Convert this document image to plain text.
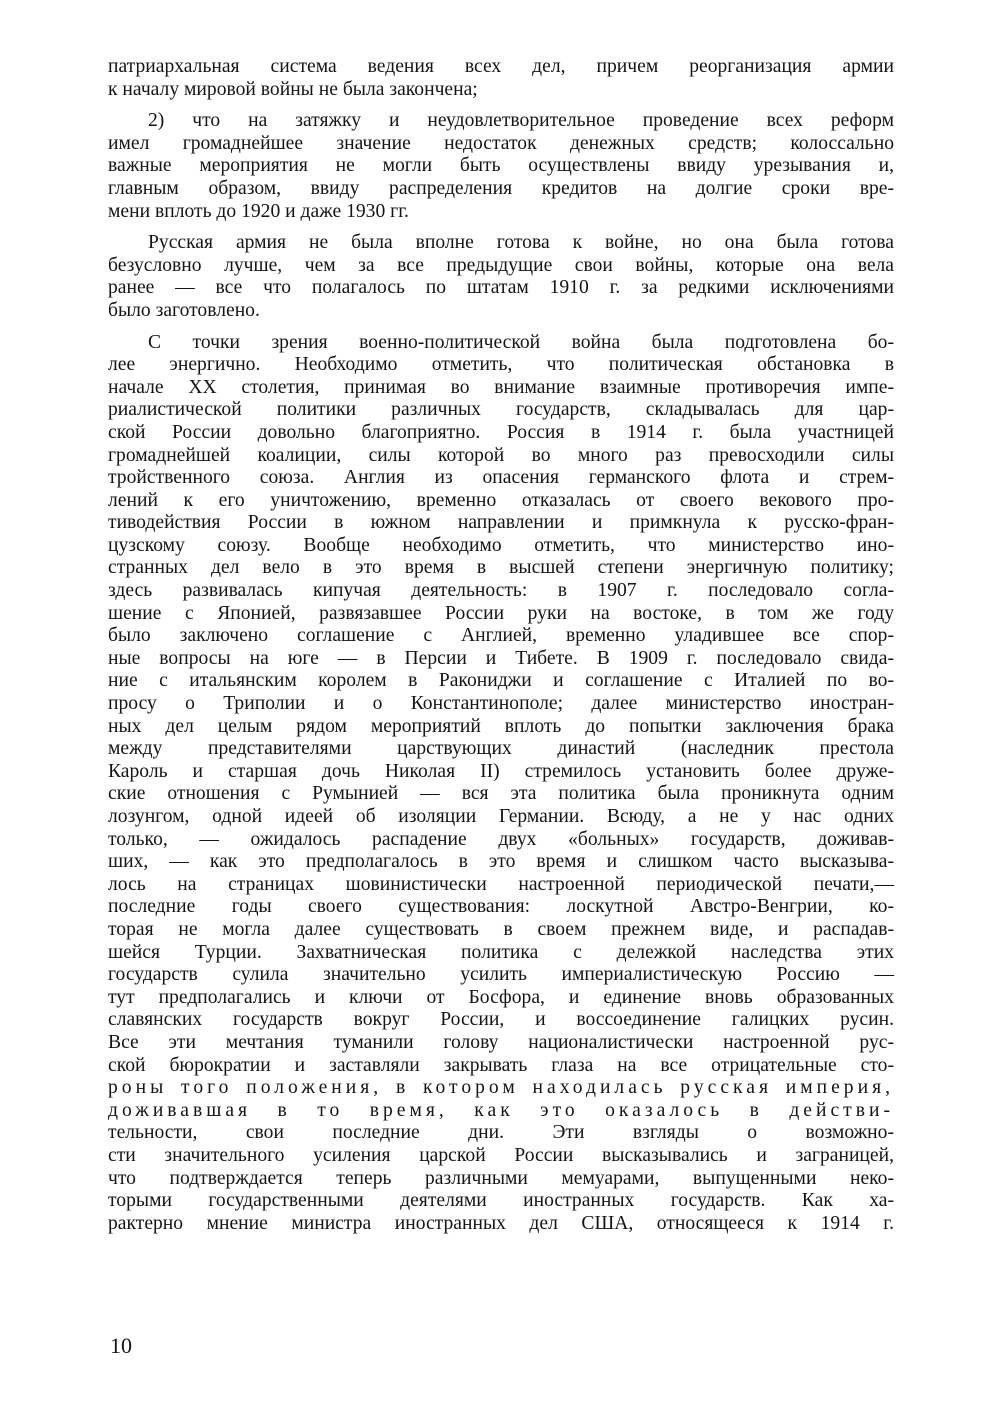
патриархальная система ведения всех дел, причем реорганизация армии
к началу мировой войны не была закончена;
2) что на затяжку и неудовлетворительное проведение всех реформ
имел громаднейшее значение недостаток денежных средств; колоссально
важные мероприятия не могли быть осуществлены ввиду урезывания и,
главным образом, ввиду распределения кредитов на долгие сроки вре-
мени вплоть до 1920 и даже 1930 гг.
Русская армия не была вполне готова к войне, но она была готова
безусловно лучше, чем за все предыдущие свои войны, которые она вела
ранее — все что полагалось по штатам 1910 г. за редкими исключениями
было заготовлено.
С точки зрения военно-политической война была подготовлена бо-
лее энергично. Необходимо отметить, что политическая обстановка в
начале XX столетия, принимая во внимание взаимные противоречия импе-
риалистической политики различных государств, складывалась для цар-
ской России довольно благоприятно. Россия в 1914 г. была участницей
громаднейшей коалиции, силы которой во много раз превосходили силы
тройственного союза. Англия из опасения германского флота и стрем-
лений к его уничтожению, временно отказалась от своего векового про-
тиводействия России в южном направлении и примкнула к русско-фран-
цузскому союзу. Вообще необходимо отметить, что министерство ино-
странных дел вело в это время в высшей степени энергичную политику;
здесь развивалась кипучая деятельность: в 1907 г. последовало согла-
шение с Японией, развязавшее России руки на востоке, в том же году
было заключено соглашение с Англией, временно уладившее все спор-
ные вопросы на юге — в Персии и Тибете. В 1909 г. последовало свида-
ние с итальянским королем в Ракониджи и соглашение с Италией по во-
просу о Триполии и о Константинополе; далее министерство иностран-
ных дел целым рядом мероприятий вплоть до попытки заключения брака
между представителями царствующих династий (наследник престола
Кароль и старшая дочь Николая II) стремилось установить более друже-
ские отношения с Румынией — вся эта политика была проникнута одним
лозунгом, одной идеей об изоляции Германии. Всюду, а не у нас одних
только, — ожидалось распадение двух «больных» государств, доживав-
ших, — как это предполагалось в это время и слишком часто высказыва-
лось на страницах шовинистически настроенной периодической печати,—
последние годы своего существования: лоскутной Австро-Венгрии, ко-
торая не могла далее существовать в своем прежнем виде, и распадав-
шейся Турции. Захватническая политика с дележкой наследства этих
государств сулила значительно усилить империалистическую Россию —
тут предполагались и ключи от Босфора, и единение вновь образованных
славянских государств вокруг России, и воссоединение галицких русин.
Все эти мечтания туманили голову националистически настроенной рус-
ской бюрократии и заставляли закрывать глаза на все отрицательные сто-
роны того положения, в котором находилась русская империя,
доживавшая в то время, как это оказалось в действи-
тельности, свои последние дни. Эти взгляды о возможно-
сти значительного усиления царской России высказывались и заграницей,
что подтверждается теперь различными мемуарами, выпущенными неко-
торыми государственными деятелями иностранных государств. Как ха-
рактерно мнение министра иностранных дел США, относящееся к 1914 г.
10
